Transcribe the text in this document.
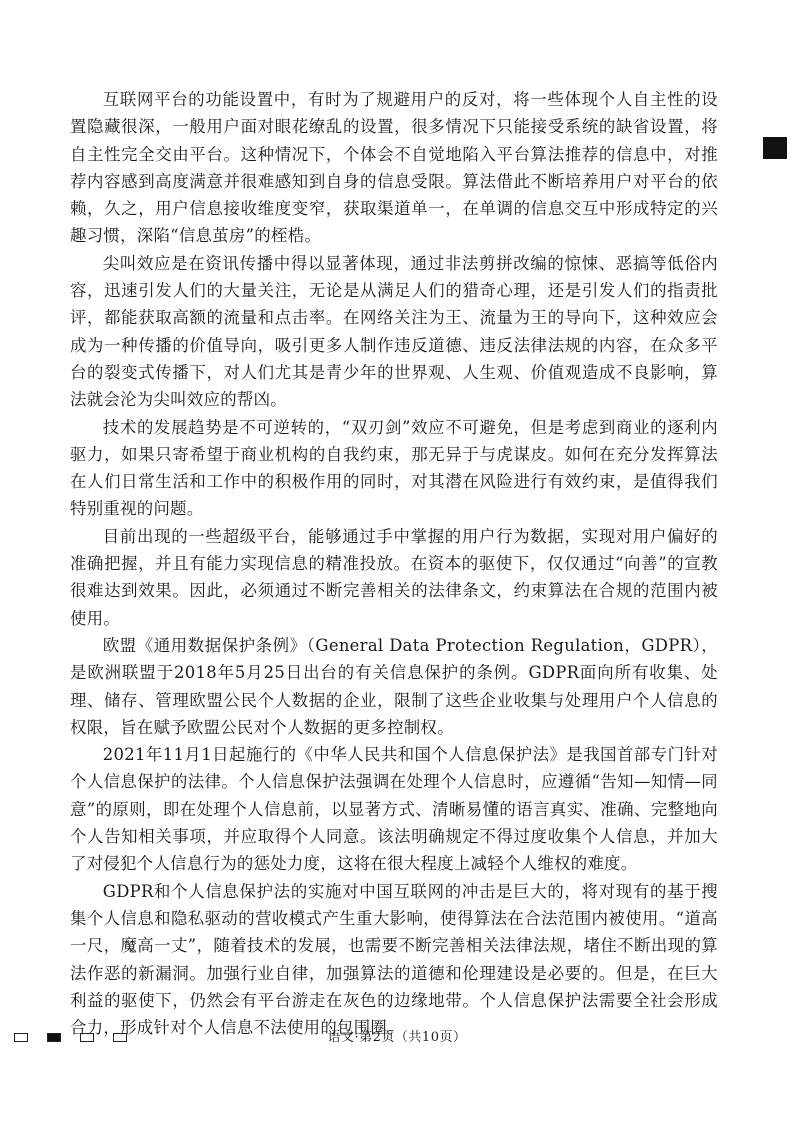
互联网平台的功能设置中，有时为了规避用户的反对，将一些体现个人自主性的设置隐藏很深，一般用户面对眼花缭乱的设置，很多情况下只能接受系统的缺省设置，将自主性完全交由平台。这种情况下，个体会不自觉地陷入平台算法推荐的信息中，对推荐内容感到高度满意并很难感知到自身的信息受限。算法借此不断培养用户对平台的依赖，久之，用户信息接收维度变窄，获取渠道单一，在单调的信息交互中形成特定的兴趣习惯，深陷“信息茧房”的桎梏。

尖叫效应是在资讯传播中得以显著体现，通过非法剪拼改编的惊悚、恶搞等低俗内容，迅速引发人们的大量关注，无论是从满足人们的猎奇心理，还是引发人们的指责批评，都能获取高额的流量和点击率。在网络关注为王、流量为王的导向下，这种效应会成为一种传播的价值导向，吸引更多人制作违反道德、违反法律法规的内容，在众多平台的裂变式传播下，对人们尤其是青少年的世界观、人生观、价值观造成不良影响，算法就会沦为尖叫效应的帮凶。

技术的发展趋势是不可逆转的，“双刃剑”效应不可避免，但是考虑到商业的逐利内驱力，如果只寄希望于商业机构的自我约束，那无异于与虎谋皮。如何在充分发挥算法在人们日常生活和工作中的积极作用的同时，对其潜在风险进行有效约束，是值得我们特别重视的问题。

目前出现的一些超级平台，能够通过手中掌握的用户行为数据，实现对用户偏好的准确把握，并且有能力实现信息的精准投放。在资本的驱使下，仅仅通过“向善”的宣教很难达到效果。因此，必须通过不断完善相关的法律条文，约束算法在合规的范围内被使用。

欧盟《通用数据保护条例》（General Data Protection Regulation，GDPR），是欧洲联盟于2018年5月25日出台的有关信息保护的条例。GDPR面向所有收集、处理、储存、管理欧盟公民个人数据的企业，限制了这些企业收集与处理用户个人信息的权限，旨在赋予欧盟公民对个人数据的更多控制权。

2021年11月1日起施行的《中华人民共和国个人信息保护法》是我国首部专门针对个人信息保护的法律。个人信息保护法强调在处理个人信息时，应遵循“告知—知情—同意”的原则，即在处理个人信息前，以显著方式、清晰易懂的语言真实、准确、完整地向个人告知相关事项，并应取得个人同意。该法明确规定不得过度收集个人信息，并加大了对侵犯个人信息行为的惩处力度，这将在很大程度上减轻个人维权的难度。

GDPR和个人信息保护法的实施对中国互联网的冲击是巨大的，将对现有的基于搜集个人信息和隐私驱动的营收模式产生重大影响，使得算法在合法范围内被使用。“道高一尺，魔高一丈”，随着技术的发展，也需要不断完善相关法律法规，堵住不断出现的算法作恶的新漏洞。加强行业自律，加强算法的道德和伦理建设是必要的。但是，在巨大利益的驱使下，仍然会有平台游走在灰色的边缘地带。个人信息保护法需要全社会形成合力，形成针对个人信息不法使用的包围圈。

语文·第2页（共10页）
